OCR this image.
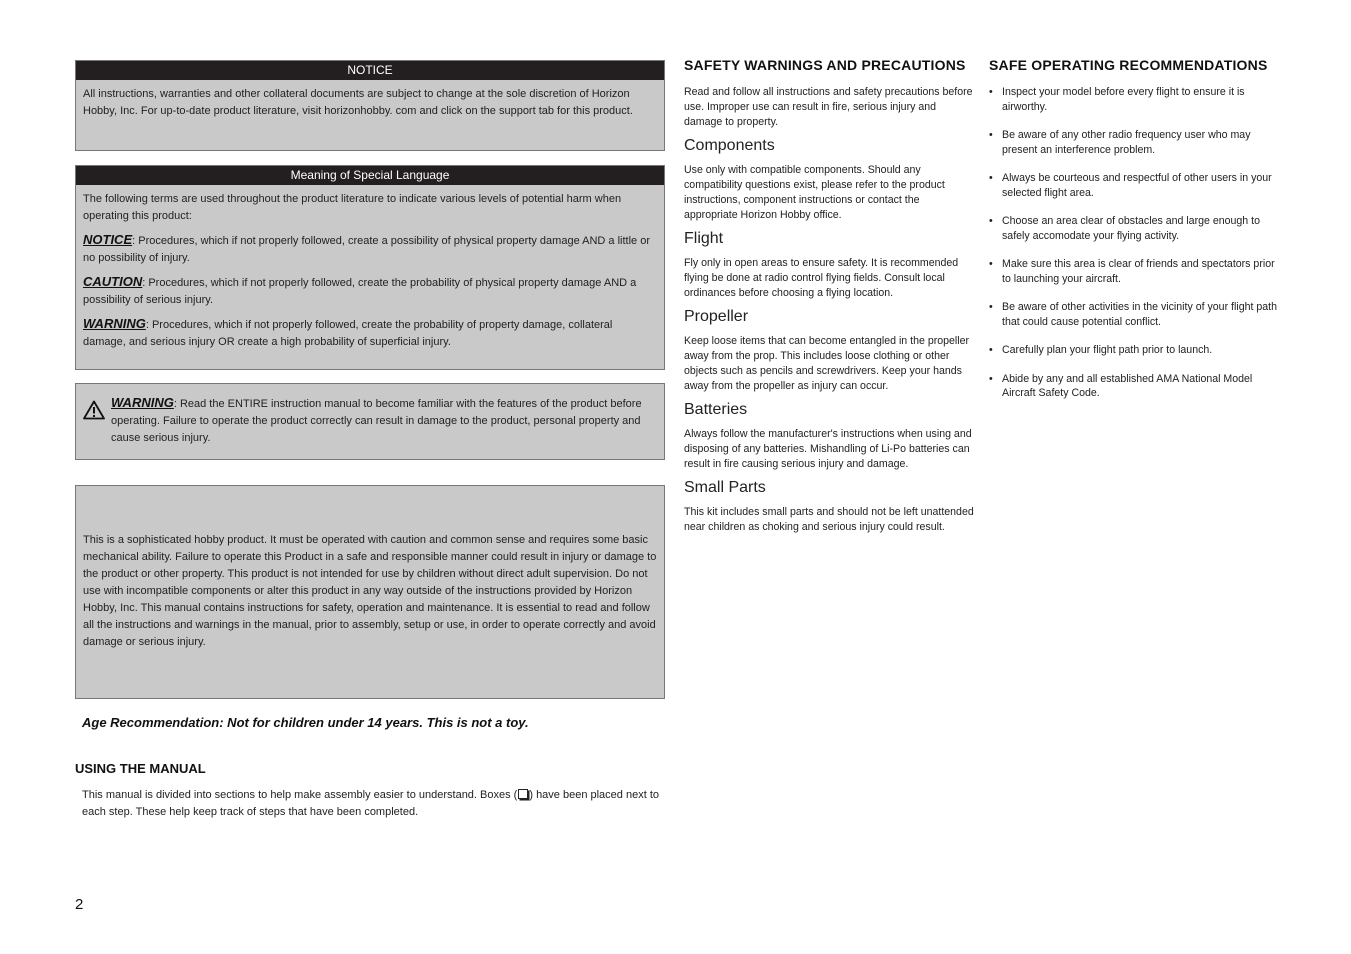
NOTICE

All instructions, warranties and other collateral documents are subject to change at the sole discretion of Horizon Hobby, Inc. For up-to-date product literature, visit horizonhobby. com and click on the support tab for this product.

Meaning of Special Language

The following terms are used throughout the product literature to indicate various levels of potential harm when operating this product:

NOTICE: Procedures, which if not properly followed, create a possibility of physical property damage AND a little or no possibility of injury.

CAUTION: Procedures, which if not properly followed, create the probability of physical property damage AND a possibility of serious injury.

WARNING: Procedures, which if not properly followed, create the probability of property damage, collateral damage, and serious injury OR create a high probability of superficial injury.

WARNING: Read the ENTIRE instruction manual to become familiar with the features of the product before operating. Failure to operate the product correctly can result in damage to the product, personal property and cause serious injury.

This is a sophisticated hobby product. It must be operated with caution and common sense and requires some basic mechanical ability. Failure to operate this Product in a safe and responsible manner could result in injury or damage to the product or other property. This product is not intended for use by children without direct adult supervision. Do not use with incompatible components or alter this product in any way outside of the instructions provided by Horizon Hobby, Inc. This manual contains instructions for safety, operation and maintenance. It is essential to read and follow all the instructions and warnings in the manual, prior to assembly, setup or use, in order to operate correctly and avoid damage or serious injury.

Age Recommendation: Not for children under 14 years. This is not a toy.
USING THE MANUAL
This manual is divided into sections to help make assembly easier to understand. Boxes ( ) have been placed next to each step. These help keep track of steps that have been completed.
2
SAFETY WARNINGS AND PRECAUTIONS

Read and follow all instructions and safety precautions before use. Improper use can result in fire, serious injury and damage to property.

Components

Use only with compatible components. Should any compatibility questions exist, please refer to the product instructions, component instructions or contact the appropriate Horizon Hobby office.

Flight

Fly only in open areas to ensure safety. It is recommended flying be done at radio control flying fields. Consult local ordinances before choosing a flying location.

Propeller

Keep loose items that can become entangled in the propeller away from the prop. This includes loose clothing or other objects such as pencils and screwdrivers. Keep your hands away from the propeller as injury can occur.

Batteries

Always follow the manufacturer's instructions when using and disposing of any batteries. Mishandling of Li-Po batteries can result in fire causing serious injury and damage.

Small Parts

This kit includes small parts and should not be left unattended near children as choking and serious injury could result.

SAFE OPERATING RECOMMENDATIONS
• Inspect your model before every flight to ensure it is airworthy.
• Be aware of any other radio frequency user who may present an interference problem.
• Always be courteous and respectful of other users in your selected flight area.
• Choose an area clear of obstacles and large enough to safely accomodate your flying activity.
• Make sure this area is clear of friends and spectators prior to launching your aircraft.
• Be aware of other activities in the vicinity of your flight path that could cause potential conflict.
• Carefully plan your flight path prior to launch.
• Abide by any and all established AMA National Model Aircraft Safety Code.
